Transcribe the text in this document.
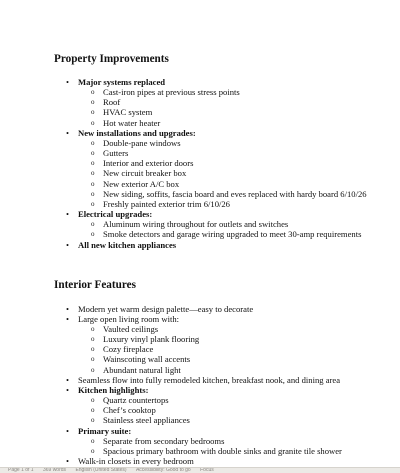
Property Improvements
• Major systems replaced
o Cast-iron pipes at previous stress points
o Roof
o HVAC system
o Hot water heater
• New installations and upgrades:
o Double-pane windows
o Gutters
o Interior and exterior doors
o New circuit breaker box
o New exterior A/C box
o New siding, soffits, fascia board and eves replaced with hardy board 6/10/26
o Freshly painted exterior trim 6/10/26
• Electrical upgrades:
o Aluminum wiring throughout for outlets and switches
o Smoke detectors and garage wiring upgraded to meet 30-amp requirements
• All new kitchen appliances
Interior Features
• Modern yet warm design palette—easy to decorate
• Large open living room with:
o Vaulted ceilings
o Luxury vinyl plank flooring
o Cozy fireplace
o Wainscoting wall accents
o Abundant natural light
• Seamless flow into fully remodeled kitchen, breakfast nook, and dining area
• Kitchen highlights:
o Quartz countertops
o Chef’s cooktop
o Stainless steel appliances
• Primary suite:
o Separate from secondary bedrooms
o Spacious primary bathroom with double sinks and granite tile shower
• Walk-in closets in every bedroom
Page 1 of 1 369 words English (United States) Accessibility: Good to go Focus
